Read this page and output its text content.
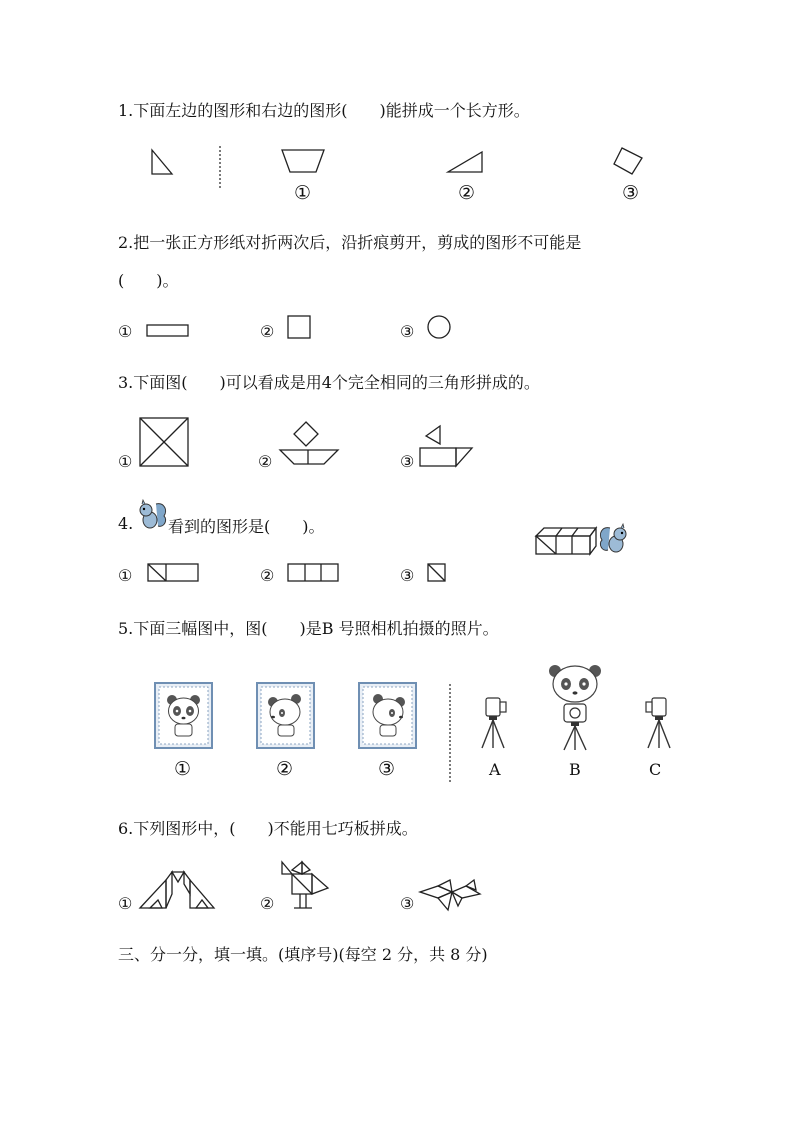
1.下面左边的图形和右边的图形(　　)能拼成一个长方形。
①	②	③
2.把一张正方形纸对折两次后，沿折痕剪开，剪成的图形不可能是
(　　)。
①	②	③
3.下面图(　　)可以看成是用4个完全相同的三角形拼成的。
①	②	③
4. 看到的图形是(　　)。
①	②	③
5.下面三幅图中，图(　　)是B 号照相机拍摄的照片。
①	②	③	A	B	C
6.下列图形中，(　　)不能用七巧板拼成。
①	②	③
三、分一分，填一填。(填序号)(每空 2 分，共 8 分)
